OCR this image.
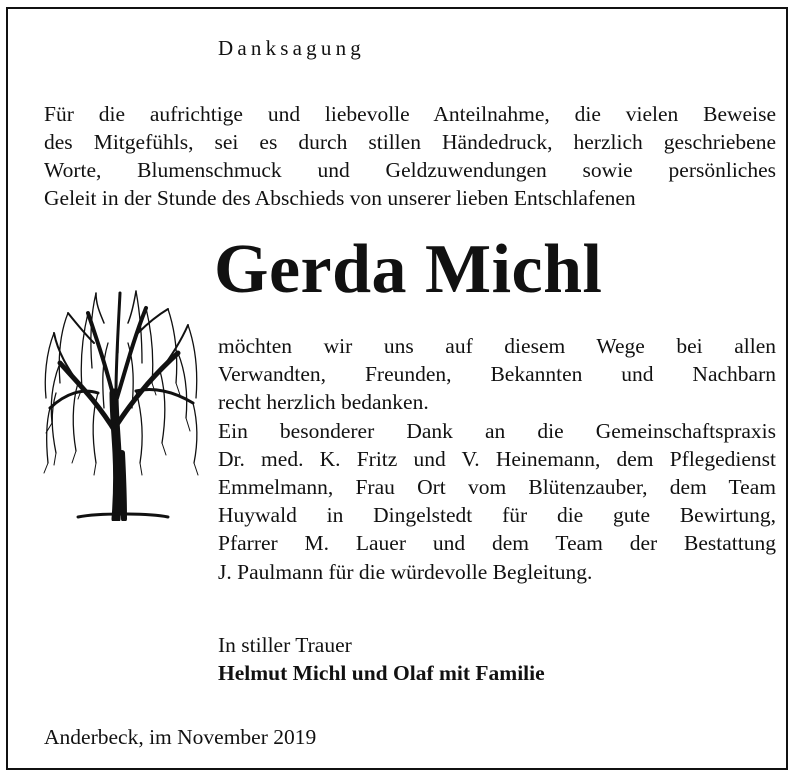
Danksagung
Für die aufrichtige und liebevolle Anteilnahme, die vielen Beweise
des Mitgefühls, sei es durch stillen Händedruck, herzlich geschriebene
Worte, Blumenschmuck und Geldzuwendungen sowie persönliches
Geleit in der Stunde des Abschieds von unserer lieben Entschlafenen
Gerda Michl
möchten wir uns auf diesem Wege bei allen
Verwandten, Freunden, Bekannten und Nachbarn
recht herzlich bedanken.
Ein besonderer Dank an die Gemeinschaftspraxis
Dr. med. K. Fritz und V. Heinemann, dem Pflegedienst
Emmelmann, Frau Ort vom Blütenzauber, dem Team
Huywald in Dingelstedt für die gute Bewirtung,
Pfarrer M. Lauer und dem Team der Bestattung
J. Paulmann für die würdevolle Begleitung.
In stiller Trauer
Helmut Michl und Olaf mit Familie
Anderbeck, im November 2019
